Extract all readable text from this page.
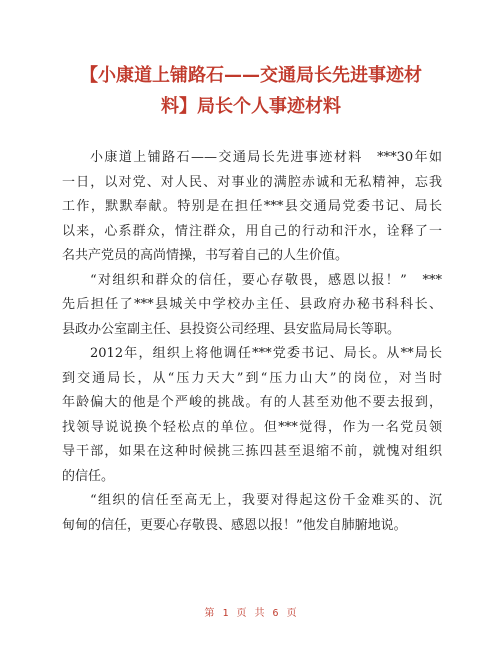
【小康道上铺路石——交通局长先进事迹材
料】局长个人事迹材料
小康道上铺路石——交通局长先进事迹材料　***30年如
一日，以对党、对人民、对事业的满腔赤诚和无私精神，忘我
工作，默默奉献。特别是在担任***县交通局党委书记、局长
以来，心系群众，情注群众，用自己的行动和汗水，诠释了一
名共产党员的高尚情操，书写着自己的人生价值。
“对组织和群众的信任，要心存敬畏，感恩以报！”　***
先后担任了***县城关中学校办主任、县政府办秘书科科长、
县政办公室副主任、县投资公司经理、县安监局局长等职。
2012年，组织上将他调任***党委书记、局长。从**局长
到交通局长，从“压力天大”到“压力山大”的岗位，对当时
年龄偏大的他是个严峻的挑战。有的人甚至劝他不要去报到，
找领导说说换个轻松点的单位。但***觉得，作为一名党员领
导干部，如果在这种时候挑三拣四甚至退缩不前，就愧对组织
的信任。
“组织的信任至高无上，我要对得起这份千金难买的、沉
甸甸的信任，更要心存敬畏、感恩以报！”他发自肺腑地说。
第 1 页 共 6 页
